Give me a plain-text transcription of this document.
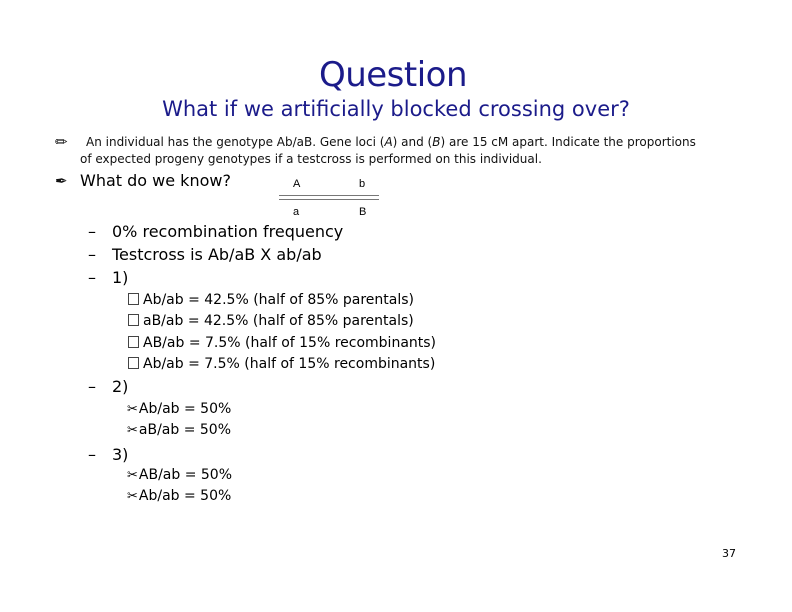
Question
What if we artificially blocked crossing over?
✏ An individual has the genotype Ab/aB. Gene loci (A) and (B) are 15 cM apart. Indicate the proportions
of expected progeny genotypes if a testcross is performed on this individual.
✒ What do we know?	A	b
a	B
– 0% recombination frequency
– Testcross is Ab/aB X ab/ab
– 1)
Ab/ab = 42.5% (half of 85% parentals)
aB/ab = 42.5% (half of 85% parentals)
AB/ab = 7.5% (half of 15% recombinants)
Ab/ab = 7.5% (half of 15% recombinants)
– 2)
✂Ab/ab = 50%
✂aB/ab = 50%
– 3)
✂AB/ab = 50%
✂Ab/ab = 50%
37
